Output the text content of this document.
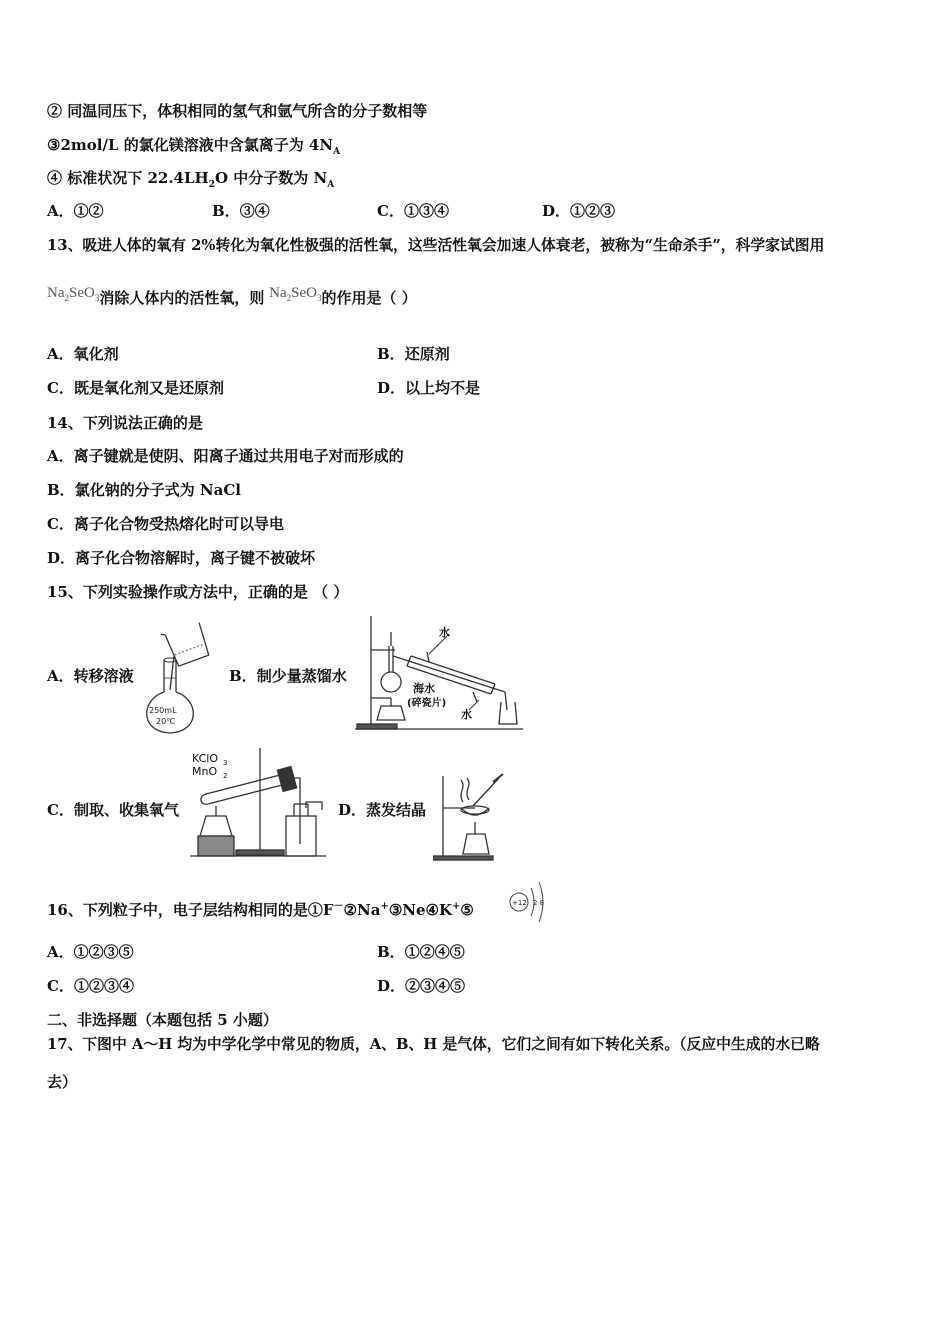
② 同温同压下，体积相同的氢气和氩气所含的分子数相等
③2mol/L 的氯化镁溶液中含氯离子为 $4N_A$
④ 标准状况下 $22.4LH_2O$ 中分子数为 $N_A$
A．①②	B．③④	C．①③④	D．①②③
13、吸进人体的氧有 2%转化为氧化性极强的活性氧，这些活性氧会加速人体衰老，被称为“生命杀手”，科学家试图用
$Na_2SeO_3$消除人体内的活性氧，则 $Na_2SeO_3$的作用是（ ）
A．氧化剂	B．还原剂
C．既是氧化剂又是还原剂	D．以上均不是
14、下列说法正确的是
A．离子键就是使阴、阳离子通过共用电子对而形成的
B．氯化钠的分子式为 NaCl
C．离子化合物受热熔化时可以导电
D．离子化合物溶解时，离子键不被破坏
15、下列实验操作或方法中，正确的是 （ ）
A．转移溶液
250mL
20℃
B．制少量蒸馏水
水
海水
(碎瓷片)
水
C．制取、收集氧气
KClO 3
MnO 2
D．蒸发结晶
16、下列粒子中，电子层结构相同的是①F－②Na+③Ne④K+⑤	+12 2 8
A．①②③⑤	B．①②④⑤
C．①②③④	D．②③④⑤
二、非选择题（本题包括 5 小题）
17、下图中 A～H 均为中学化学中常见的物质，A、B、H 是气体，它们之间有如下转化关系。（反应中生成的水已略
去）
